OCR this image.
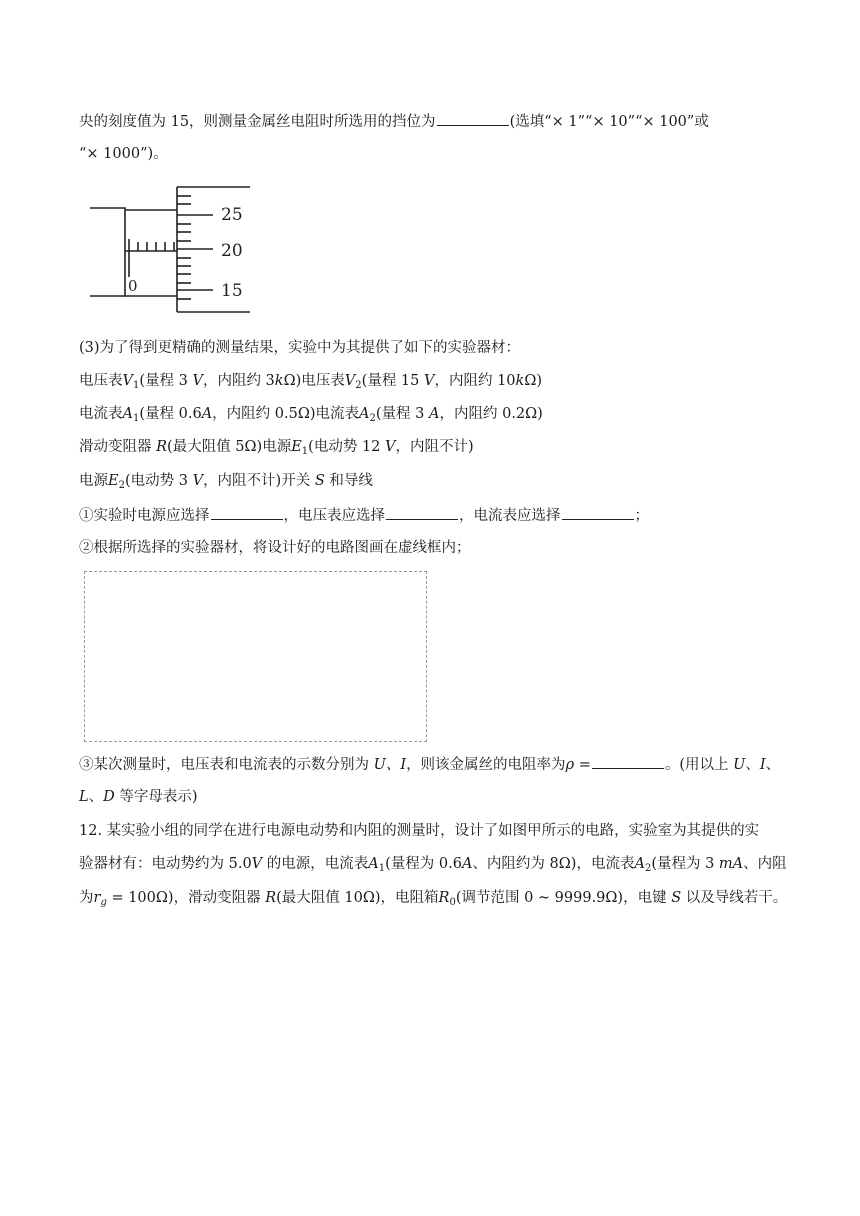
央的刻度值为 15，则测量金属丝电阻时所选用的挡位为	(选填“× 1”“× 10”“× 100”或
“× 1000”)。
25
20
15
0
(3)为了得到更精确的测量结果，实验中为其提供了如下的实验器材：
电压表$V_1$(量程 3 V，内阻约 3kΩ)电压表$V_2$(量程 15 V，内阻约 10kΩ)
电流表$A_1$(量程 0.6A，内阻约 0.5Ω)电流表$A_2$(量程 3 A，内阻约 0.2Ω)
滑动变阻器 R(最大阻值 5Ω)电源$E_1$(电动势 12 V，内阻不计)
电源$E_2$(电动势 3 V，内阻不计)开关 S 和导线
①实验时电源应选择	，电压表应选择	，电流表应选择	；
②根据所选择的实验器材，将设计好的电路图画在虚线框内；
③某次测量时，电压表和电流表的示数分别为 U、I，则该金属丝的电阻率为ρ =	。(用以上 U、I、
L、D 等字母表示)
12. 某实验小组的同学在进行电源电动势和内阻的测量时，设计了如图甲所示的电路，实验室为其提供的实
验器材有：电动势约为 5.0V 的电源，电流表$A_1$(量程为 0.6A、内阻约为 8Ω)，电流表$A_2$(量程为 3 mA、内阻
为$r_g = 100\Omega$)，滑动变阻器 R(最大阻值 10Ω)，电阻箱$R_0$(调节范围 0 ~ 9999.9Ω)，电键 S 以及导线若干。
